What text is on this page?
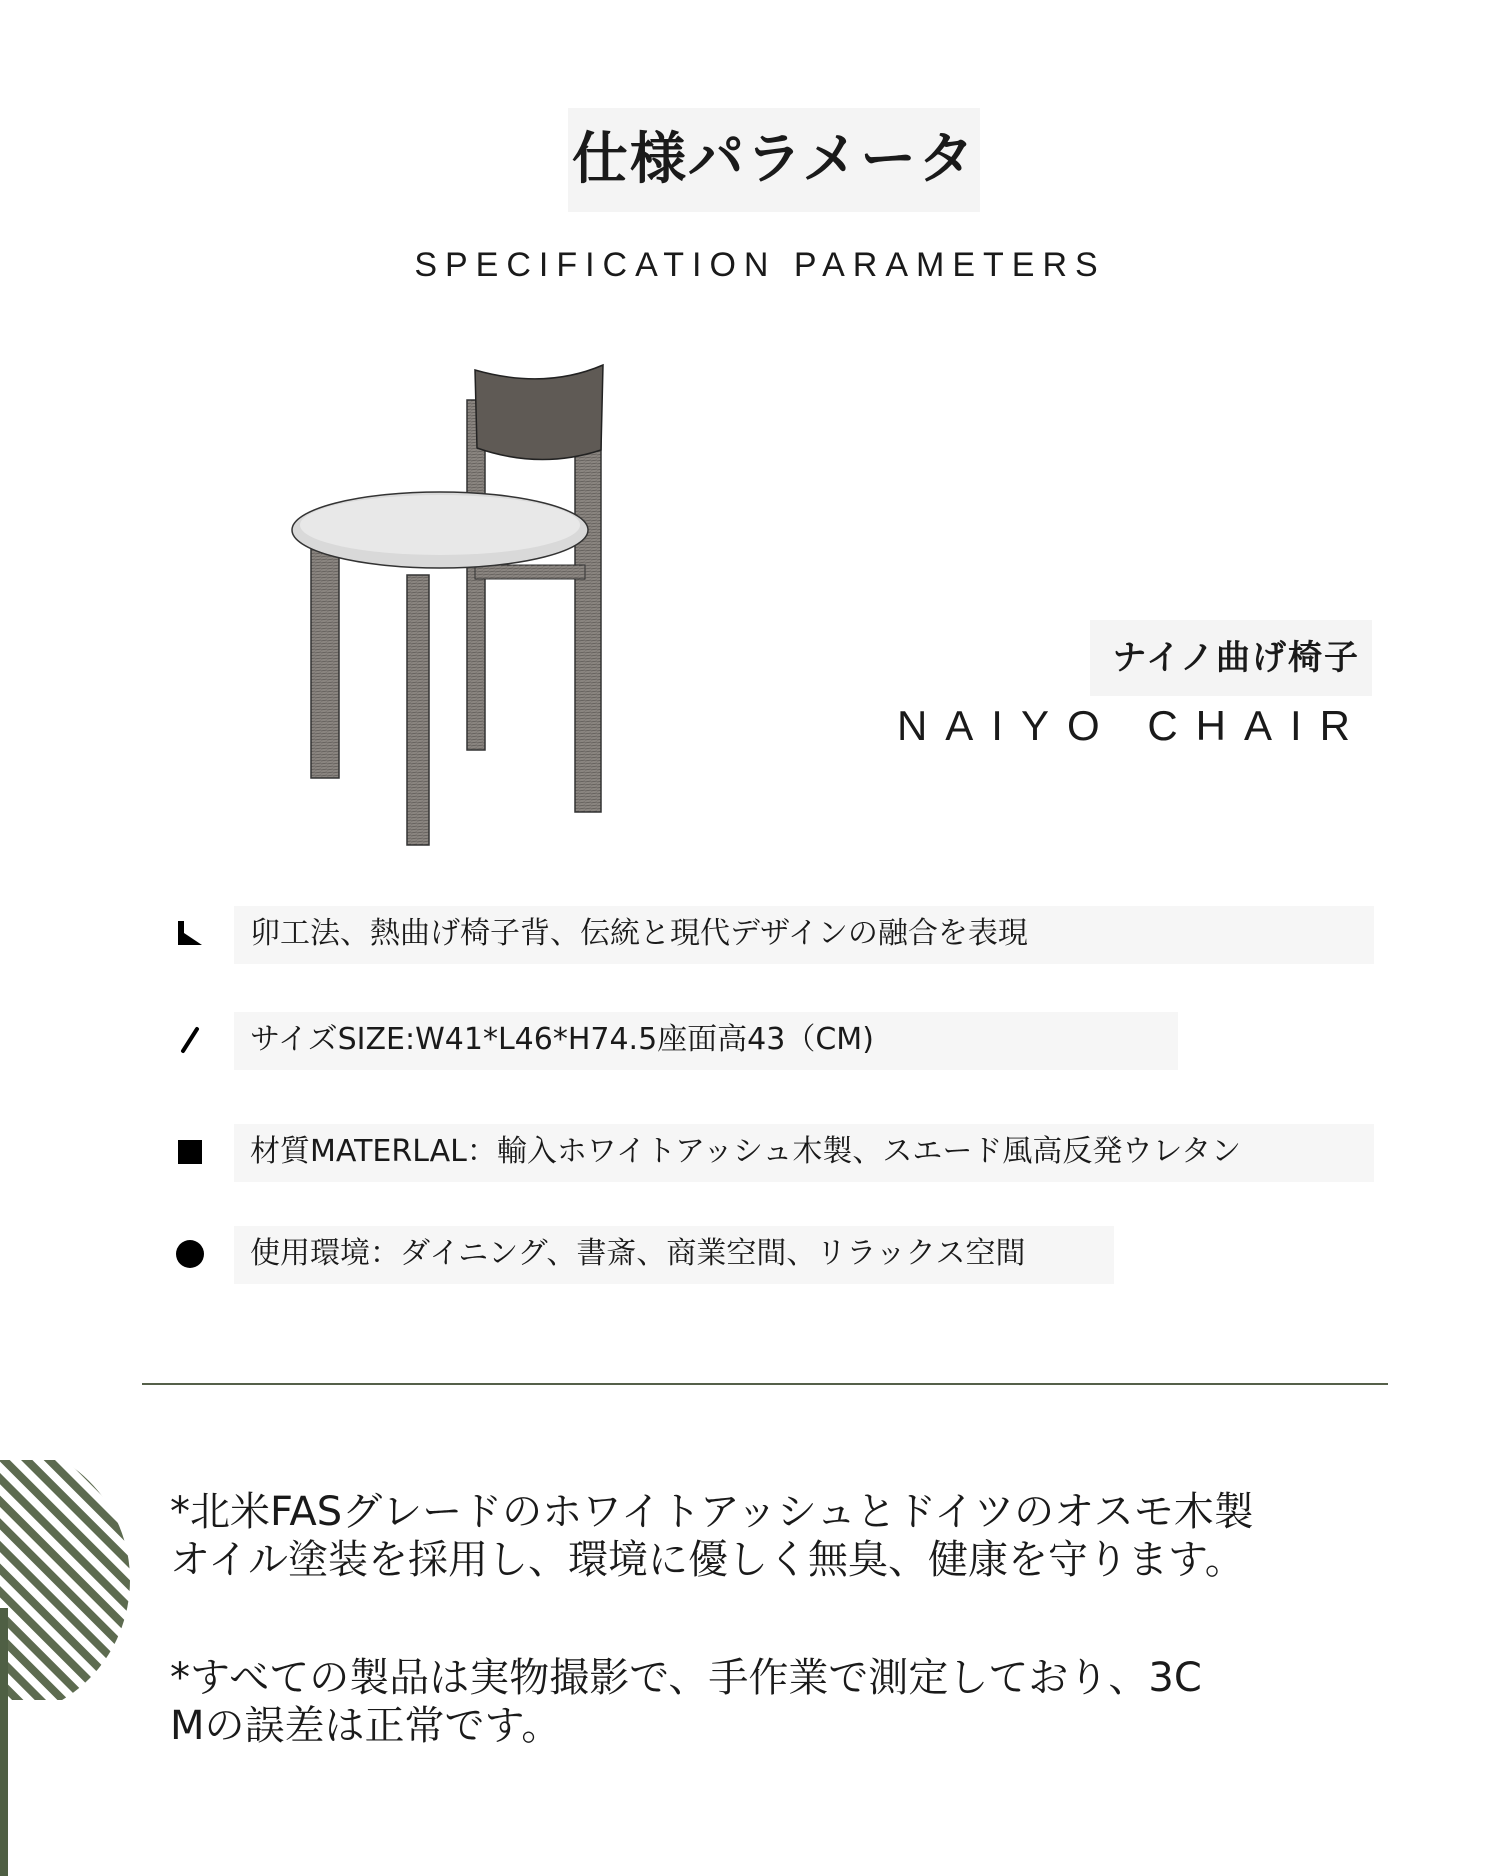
仕様パラメータ
SPECIFICATION PARAMETERS
ナイノ曲げ椅子
NAIYO CHAIR
卯工法、熱曲げ椅子背、伝統と現代デザインの融合を表現
サイズSIZE:W41*L46*H74.5座面高43（CM)
材質MATERLAL：輸入ホワイトアッシュ木製、スエード風高反発ウレタン
使用環境：ダイニング、書斎、商業空間、リラックス空間
*北米FASグレードのホワイトアッシュとドイツのオスモ木製
オイル塗装を採用し、環境に優しく無臭、健康を守ります。
*すべての製品は実物撮影で、手作業で測定しており、3C
Mの誤差は正常です。
